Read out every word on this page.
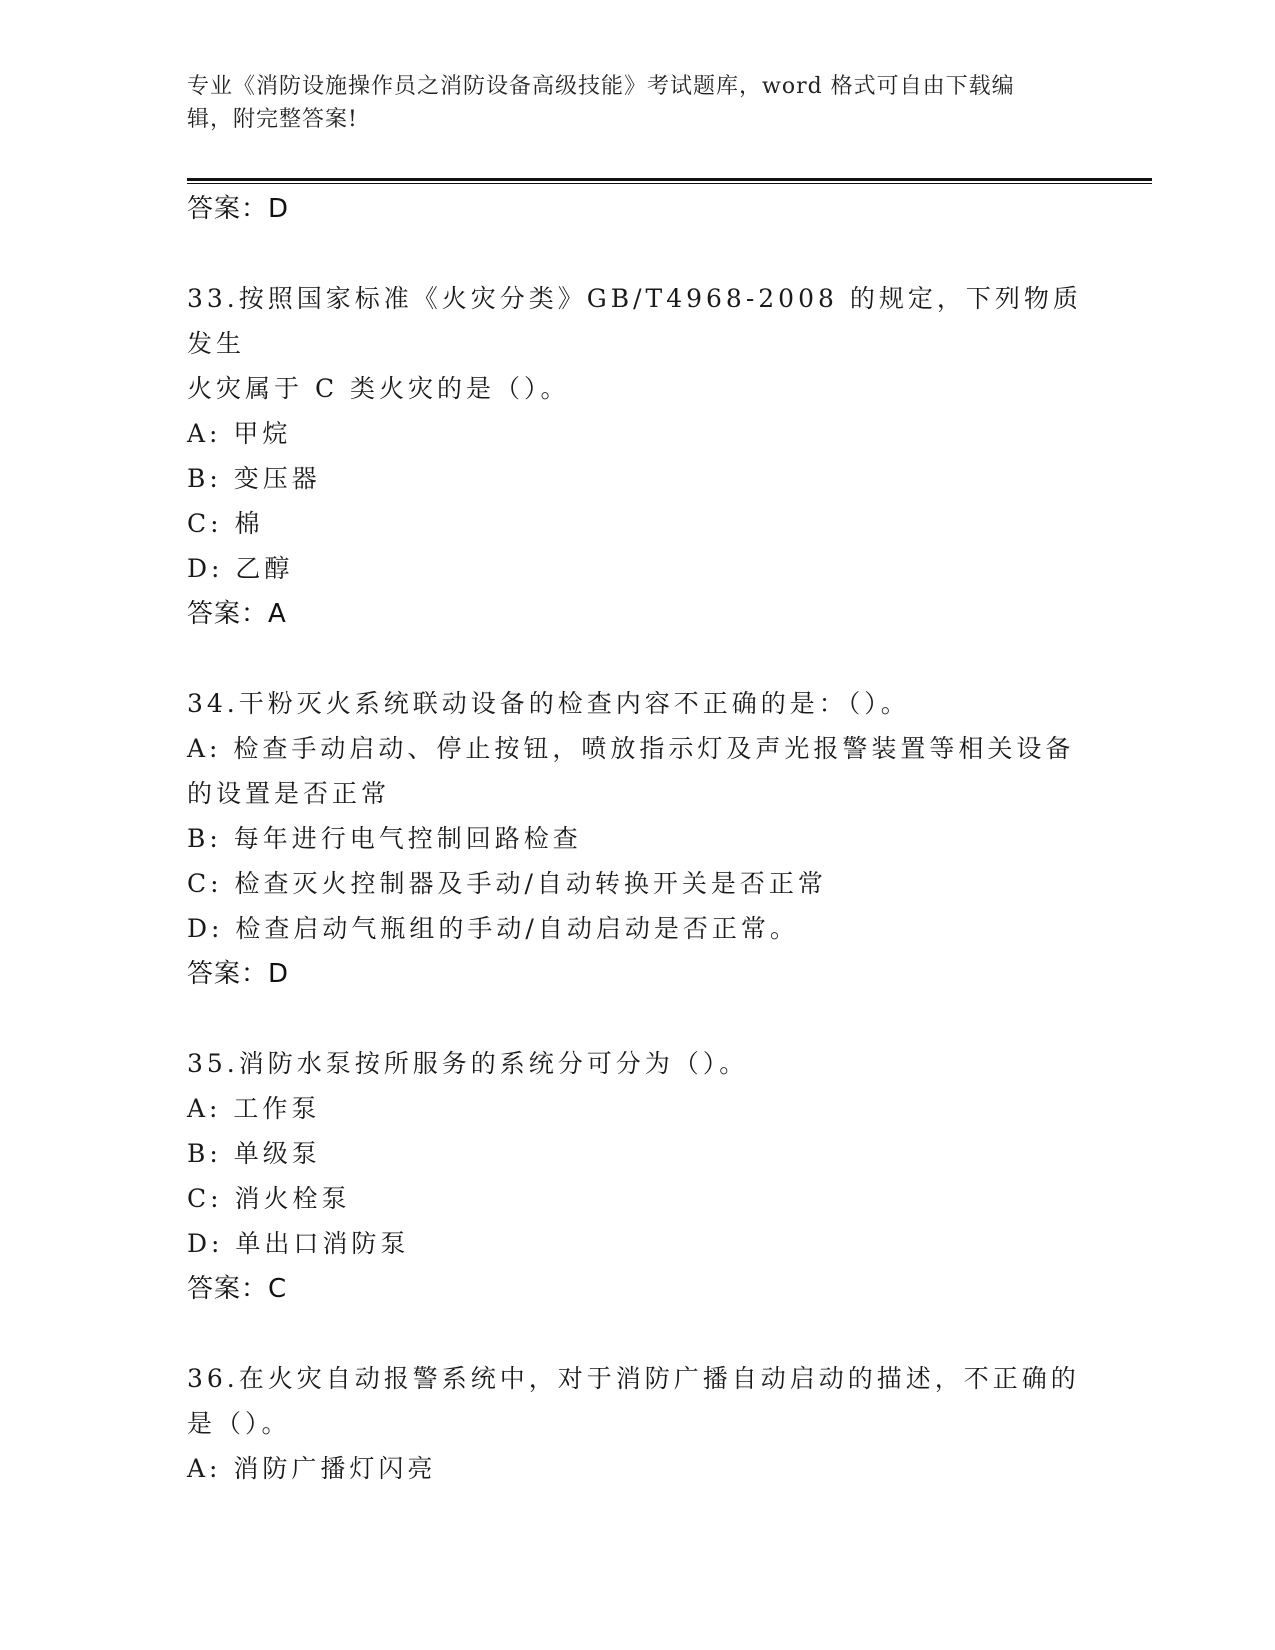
专业《消防设施操作员之消防设备高级技能》考试题库，word 格式可自由下载编
辑，附完整答案!
答案：D
33.按照国家标准《火灾分类》GB/T4968-2008 的规定，下列物质发生
火灾属于 C 类火灾的是（）。
A: 甲烷
B: 变压器
C: 棉
D: 乙醇
答案：A
34.干粉灭火系统联动设备的检查内容不正确的是：（）。
A: 检查手动启动、停止按钮，喷放指示灯及声光报警装置等相关设备
的设置是否正常
B: 每年进行电气控制回路检查
C: 检查灭火控制器及手动/自动转换开关是否正常
D: 检查启动气瓶组的手动/自动启动是否正常。
答案：D
35.消防水泵按所服务的系统分可分为（）。
A: 工作泵
B: 单级泵
C: 消火栓泵
D: 单出口消防泵
答案：C
36.在火灾自动报警系统中，对于消防广播自动启动的描述，不正确的
是（）。
A: 消防广播灯闪亮
